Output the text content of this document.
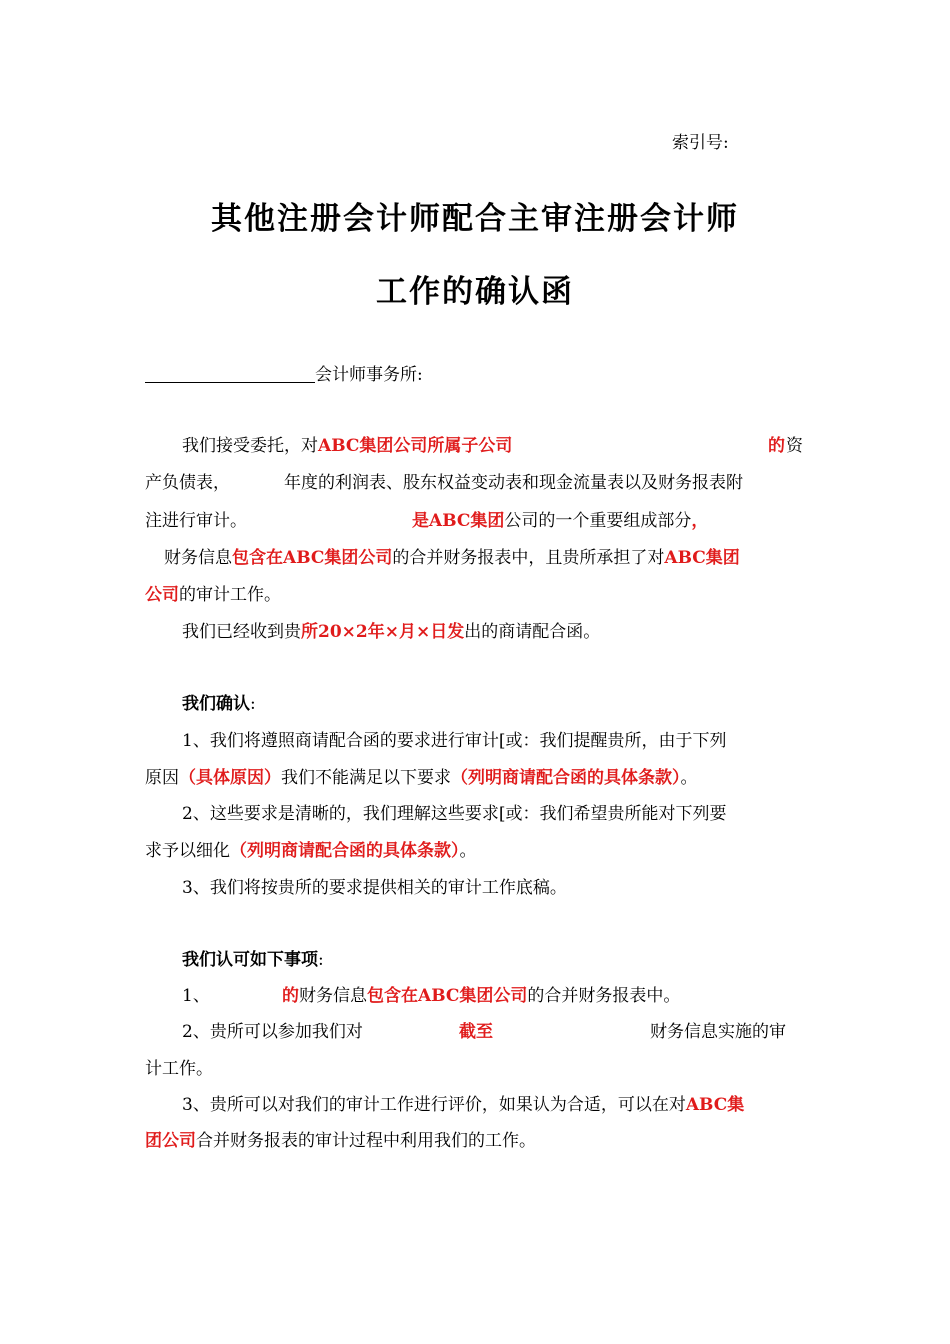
索引号:
其他注册会计师配合主审注册会计师
工作的确认函
会计师事务所:
我们接受委托，对ABC集团公司所属子公司	的 资
产负债表，          年度的利润表、股东权益变动表和现金流量表以及财务报表附
注进行审计。	是ABC集团公司的一个重要组成部分，
财务信息包含在ABC集团公司的合并财务报表中，且贵所承担了对ABC集团
公司的审计工作。
我们已经收到贵所20×2年×月×日发出的商请配合函。
我们确认:
1、我们将遵照商请配合函的要求进行审计[或：我们提醒贵所，由于下列
原因（具体原因）我们不能满足以下要求（列明商请配合函的具体条款）。
2、这些要求是清晰的，我们理解这些要求[或：我们希望贵所能对下列要
求予以细化（列明商请配合函的具体条款）。
3、我们将按贵所的要求提供相关的审计工作底稿。
我们认可如下事项:
1、	的财务信息包含在ABC集团公司的合并财务报表中。
2、贵所可以参加我们对	截至	财务信息实施的审
计工作。
3、贵所可以对我们的审计工作进行评价，如果认为合适，可以在对ABC集
团公司合并财务报表的审计过程中利用我们的工作。
